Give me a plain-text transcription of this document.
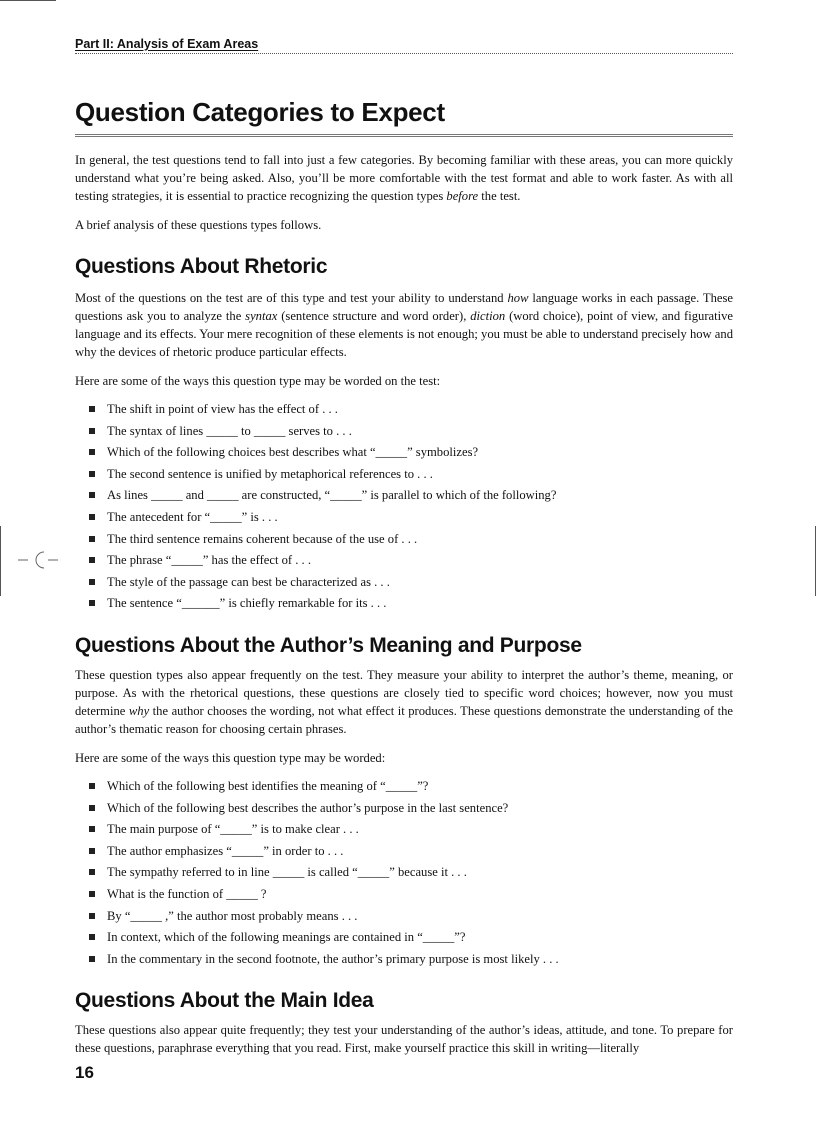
Part II: Analysis of Exam Areas
Question Categories to Expect

In general, the test questions tend to fall into just a few categories. By becoming familiar with these areas, you can more quickly understand what you’re being asked. Also, you’ll be more comfortable with the test format and able to work faster. As with all testing strategies, it is essential to practice recognizing the question types before the test.

A brief analysis of these questions types follows.

Questions About Rhetoric

Most of the questions on the test are of this type and test your ability to understand how language works in each passage. These questions ask you to analyze the syntax (sentence structure and word order), diction (word choice), point of view, and figurative language and its effects. Your mere recognition of these elements is not enough; you must be able to understand precisely how and why the devices of rhetoric produce particular effects.

Here are some of the ways this question type may be worded on the test:

The shift in point of view has the effect of . . .
The syntax of lines _____ to _____ serves to . . .
Which of the following choices best describes what “_____” symbolizes?
The second sentence is unified by metaphorical references to . . .
As lines _____ and _____ are constructed, “_____” is parallel to which of the following?
The antecedent for “_____” is . . .
The third sentence remains coherent because of the use of . . .
The phrase “_____” has the effect of . . .
The style of the passage can best be characterized as . . .
The sentence “______” is chiefly remarkable for its . . .
Questions About the Author’s Meaning and Purpose

These question types also appear frequently on the test. They measure your ability to interpret the author’s theme, meaning, or purpose. As with the rhetorical questions, these questions are closely tied to specific word choices; however, now you must determine why the author chooses the wording, not what effect it produces. These questions demonstrate the understanding of the author’s thematic reason for choosing certain phrases.

Here are some of the ways this question type may be worded:

Which of the following best identifies the meaning of “_____”?
Which of the following best describes the author’s purpose in the last sentence?
The main purpose of “_____” is to make clear . . .
The author emphasizes “_____” in order to . . .
The sympathy referred to in line _____ is called “_____” because it . . .
What is the function of _____ ?
By “_____ ,” the author most probably means . . .
In context, which of the following meanings are contained in “_____”?
In the commentary in the second footnote, the author’s primary purpose is most likely . . .
Questions About the Main Idea

These questions also appear quite frequently; they test your understanding of the author’s ideas, attitude, and tone. To prepare for these questions, paraphrase everything that you read. First, make yourself practice this skill in writing—literally

16
